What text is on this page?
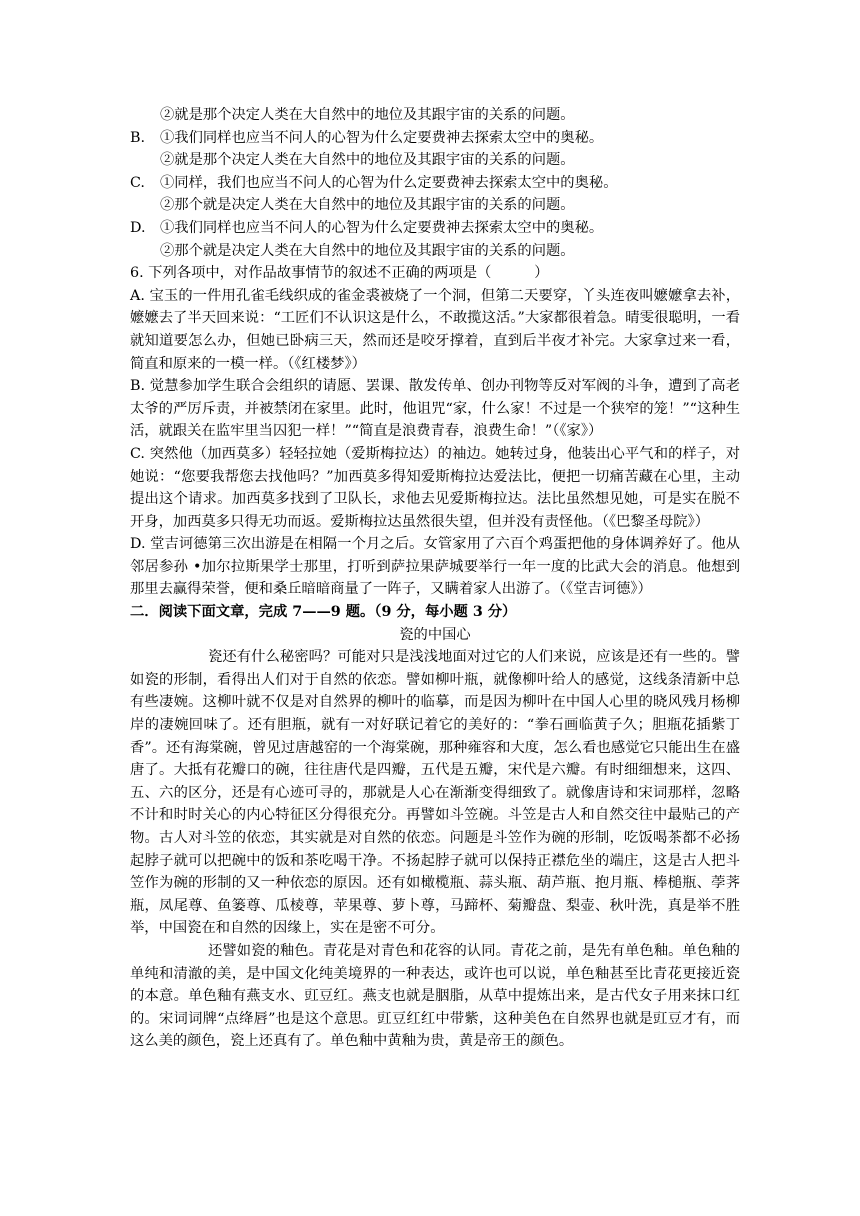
②就是那个决定人类在大自然中的地位及其跟宇宙的关系的问题。

B. ①我们同样也应当不问人的心智为什么定要费神去探索太空中的奥秘。

②就是那个决定人类在大自然中的地位及其跟宇宙的关系的问题。

C. ①同样，我们也应当不问人的心智为什么定要费神去探索太空中的奥秘。

②那个就是决定人类在大自然中的地位及其跟宇宙的关系的问题。

D. ①我们同样也应当不问人的心智为什么定要费神去探索太空中的奥秘。

②那个就是决定人类在大自然中的地位及其跟宇宙的关系的问题。

6. 下列各项中，对作品故事情节的叙述不正确的两项是（　　　）

A. 宝玉的一件用孔雀毛线织成的雀金裘被烧了一个洞，但第二天要穿，丫头连夜叫嬷嬷拿去补，嬷嬷去了半天回来说：“工匠们不认识这是什么，不敢揽这活。”大家都很着急。晴雯很聪明，一看就知道要怎么办，但她已卧病三天，然而还是咬牙撑着，直到后半夜才补完。大家拿过来一看，简直和原来的一模一样。（《红楼梦》）

B. 觉慧参加学生联合会组织的请愿、罢课、散发传单、创办刊物等反对军阀的斗争，遭到了高老太爷的严厉斥责，并被禁闭在家里。此时，他诅咒“家，什么家！不过是一个狭窄的笼！”“这种生活，就跟关在监牢里当囚犯一样！”“简直是浪费青春，浪费生命！”（《家》）

C. 突然他（加西莫多）轻轻拉她（爱斯梅拉达）的袖边。她转过身，他装出心平气和的样子，对她说：“您要我帮您去找他吗？”加西莫多得知爱斯梅拉达爱法比，便把一切痛苦藏在心里，主动提出这个请求。加西莫多找到了卫队长，求他去见爱斯梅拉达。法比虽然想见她，可是实在脱不开身，加西莫多只得无功而返。爱斯梅拉达虽然很失望，但并没有责怪他。（《巴黎圣母院》）

D. 堂吉诃德第三次出游是在相隔一个月之后。女管家用了六百个鸡蛋把他的身体调养好了。他从邻居参孙 •加尔拉斯果学士那里，打听到萨拉果萨城要举行一年一度的比武大会的消息。他想到那里去赢得荣誉，便和桑丘暗暗商量了一阵子，又瞒着家人出游了。（《堂吉诃德》）

二．阅读下面文章，完成 7——9 题。（9 分，每小题 3 分）

瓷的中国心

瓷还有什么秘密吗？可能对只是浅浅地面对过它的人们来说，应该是还有一些的。譬如瓷的形制，看得出人们对于自然的依恋。譬如柳叶瓶，就像柳叶给人的感觉，这线条清新中总有些凄婉。这柳叶就不仅是对自然界的柳叶的临摹，而是因为柳叶在中国人心里的晓风残月杨柳岸的凄婉回味了。还有胆瓶，就有一对好联记着它的美好的：“拳石画临黄子久；胆瓶花插紫丁香”。还有海棠碗，曾见过唐越窑的一个海棠碗，那种雍容和大度，怎么看也感觉它只能出生在盛唐了。大抵有花瓣口的碗，往往唐代是四瓣，五代是五瓣，宋代是六瓣。有时细细想来，这四、五、六的区分，还是有心迹可寻的，那就是人心在渐渐变得细致了。就像唐诗和宋词那样，忽略不计和时时关心的内心特征区分得很充分。再譬如斗笠碗。斗笠是古人和自然交往中最贴己的产物。古人对斗笠的依恋，其实就是对自然的依恋。问题是斗笠作为碗的形制，吃饭喝茶都不必扬起脖子就可以把碗中的饭和茶吃喝干净。不扬起脖子就可以保持正襟危坐的端庄，这是古人把斗笠作为碗的形制的又一种依恋的原因。还有如橄榄瓶、蒜头瓶、葫芦瓶、抱月瓶、棒槌瓶、荸荠瓶，凤尾尊、鱼篓尊、瓜棱尊，苹果尊、萝卜尊，马蹄杯、菊瓣盘、梨壶、秋叶洗，真是举不胜举，中国瓷在和自然的因缘上，实在是密不可分。

还譬如瓷的釉色。青花是对青色和花容的认同。青花之前，是先有单色釉。单色釉的单纯和清澈的美，是中国文化纯美境界的一种表达，或许也可以说，单色釉甚至比青花更接近瓷的本意。单色釉有燕支水、豇豆红。燕支也就是胭脂，从草中提炼出来，是古代女子用来抹口红的。宋词词牌“点绛唇”也是这个意思。豇豆红红中带紫，这种美色在自然界也就是豇豆才有，而这么美的颜色，瓷上还真有了。单色釉中黄釉为贵，黄是帝王的颜色。
